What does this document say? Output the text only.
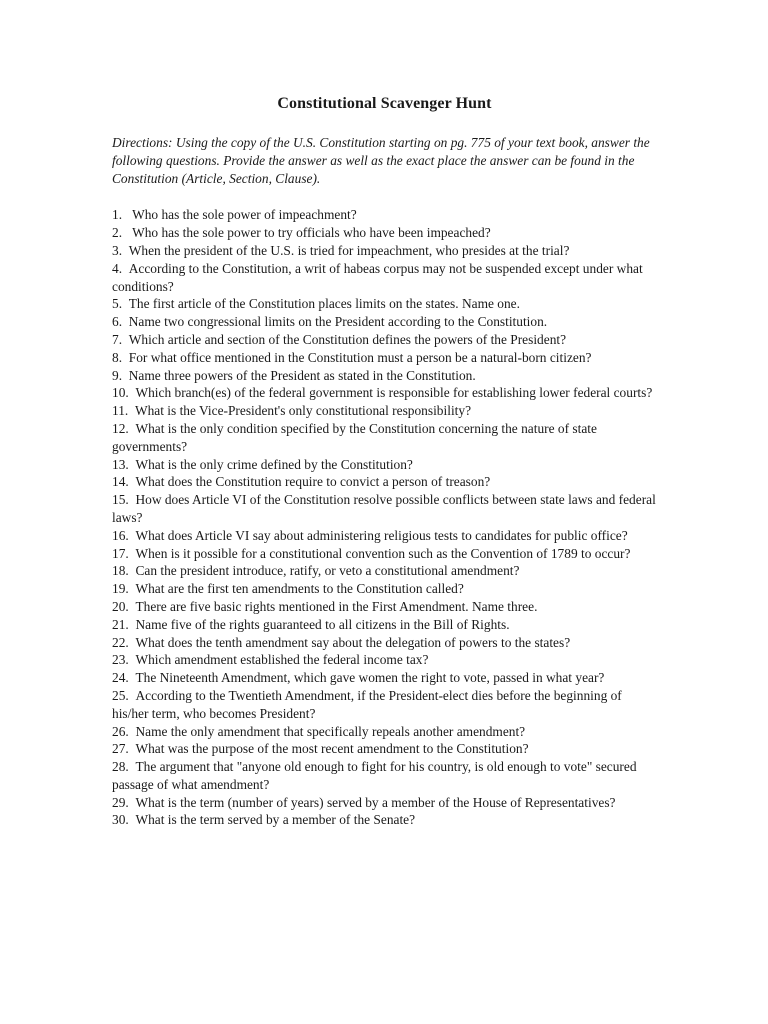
Constitutional Scavenger Hunt
Directions: Using the copy of the U.S. Constitution starting on pg. 775 of your text book, answer the following questions. Provide the answer as well as the exact place the answer can be found in the Constitution (Article, Section, Clause).
1. Who has the sole power of impeachment?
2. Who has the sole power to try officials who have been impeached?
3. When the president of the U.S. is tried for impeachment, who presides at the trial?
4. According to the Constitution, a writ of habeas corpus may not be suspended except under what conditions?
5. The first article of the Constitution places limits on the states. Name one.
6. Name two congressional limits on the President according to the Constitution.
7. Which article and section of the Constitution defines the powers of the President?
8. For what office mentioned in the Constitution must a person be a natural-born citizen?
9. Name three powers of the President as stated in the Constitution.
10. Which branch(es) of the federal government is responsible for establishing lower federal courts?
11. What is the Vice-President's only constitutional responsibility?
12. What is the only condition specified by the Constitution concerning the nature of state governments?
13. What is the only crime defined by the Constitution?
14. What does the Constitution require to convict a person of treason?
15. How does Article VI of the Constitution resolve possible conflicts between state laws and federal laws?
16. What does Article VI say about administering religious tests to candidates for public office?
17. When is it possible for a constitutional convention such as the Convention of 1789 to occur?
18. Can the president introduce, ratify, or veto a constitutional amendment?
19. What are the first ten amendments to the Constitution called?
20. There are five basic rights mentioned in the First Amendment. Name three.
21. Name five of the rights guaranteed to all citizens in the Bill of Rights.
22. What does the tenth amendment say about the delegation of powers to the states?
23. Which amendment established the federal income tax?
24. The Nineteenth Amendment, which gave women the right to vote, passed in what year?
25. According to the Twentieth Amendment, if the President-elect dies before the beginning of his/her term, who becomes President?
26. Name the only amendment that specifically repeals another amendment?
27. What was the purpose of the most recent amendment to the Constitution?
28. The argument that "anyone old enough to fight for his country, is old enough to vote" secured passage of what amendment?
29. What is the term (number of years) served by a member of the House of Representatives?
30. What is the term served by a member of the Senate?
